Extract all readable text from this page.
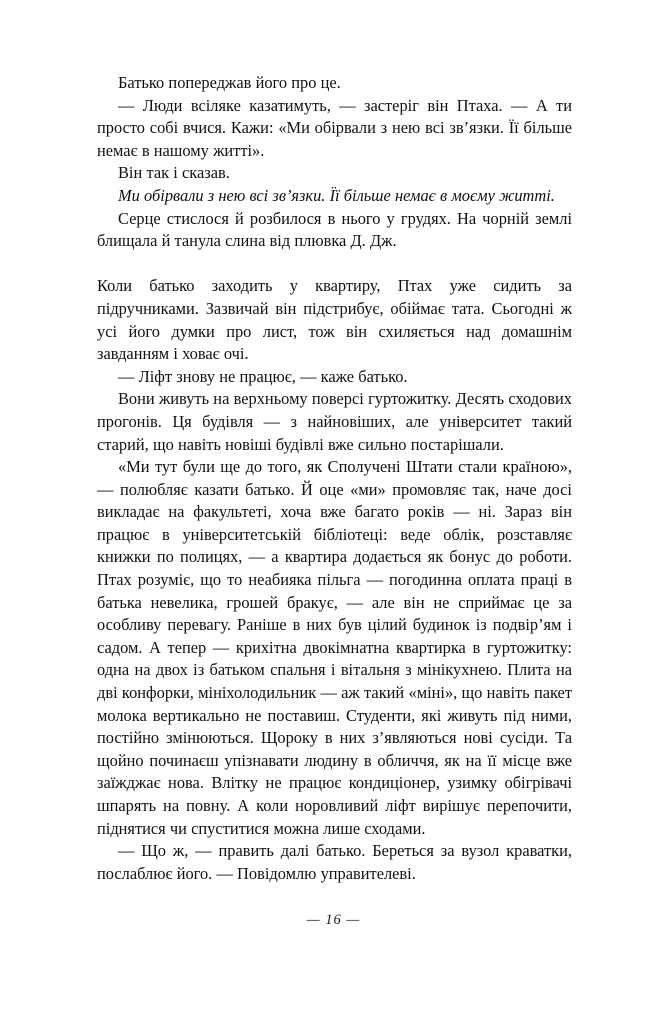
Батько попереджав його про це.

— Люди всіляке казатимуть, — застеріг він Птаха. — А ти просто собі вчися. Кажи: «Ми обірвали з нею всі зв’язки. Її більше немає в нашому житті».

Він так і сказав.

Ми обірвали з нею всі зв’язки. Її більше немає в моєму житті.

Серце стислося й розбилося в нього у грудях. На чорній землі блищала й танула слина від плювка Д. Дж.

Коли батько заходить у квартиру, Птах уже сидить за підручниками. Зазвичай він підстрибує, обіймає тата. Сьогодні ж усі його думки про лист, тож він схиляється над домашнім завданням і ховає очі.

— Ліфт знову не працює, — каже батько.

Вони живуть на верхньому поверсі гуртожитку. Десять сходових прогонів. Ця будівля — з найновіших, але університет такий старий, що навіть новіші будівлі вже сильно постарішали.

«Ми тут були ще до того, як Сполучені Штати стали країною», — полюбляє казати батько. Й оце «ми» промовляє так, наче досі викладає на факультеті, хоча вже багато років — ні. Зараз він працює в університетській бібліотеці: веде облік, розставляє книжки по полицях, — а квартира додається як бонус до роботи. Птах розуміє, що то неабияка пільга — погодинна оплата праці в батька невелика, грошей бракує, — але він не сприймає це за особливу перевагу. Раніше в них був цілий будинок із подвір’ям і садом. А тепер — крихітна двокімнатна квартирка в гуртожитку: одна на двох із батьком спальня і вітальня з мінікухнею. Плита на дві конфорки, мініхолодильник — аж такий «міні», що навіть пакет молока вертикально не поставиш. Студенти, які живуть під ними, постійно змінюються. Щороку в них з’являються нові сусіди. Та щойно починаєш упізнавати людину в обличчя, як на її місце вже заїжджає нова. Влітку не працює кондиціонер, узимку обігрівачі шпарять на повну. А коли норовливий ліфт вирішує перепочити, піднятися чи спуститися можна лише сходами.

— Що ж, — править далі батько. Береться за вузол краватки, послаблює його. — Повідомлю управителеві.

— 16 —
